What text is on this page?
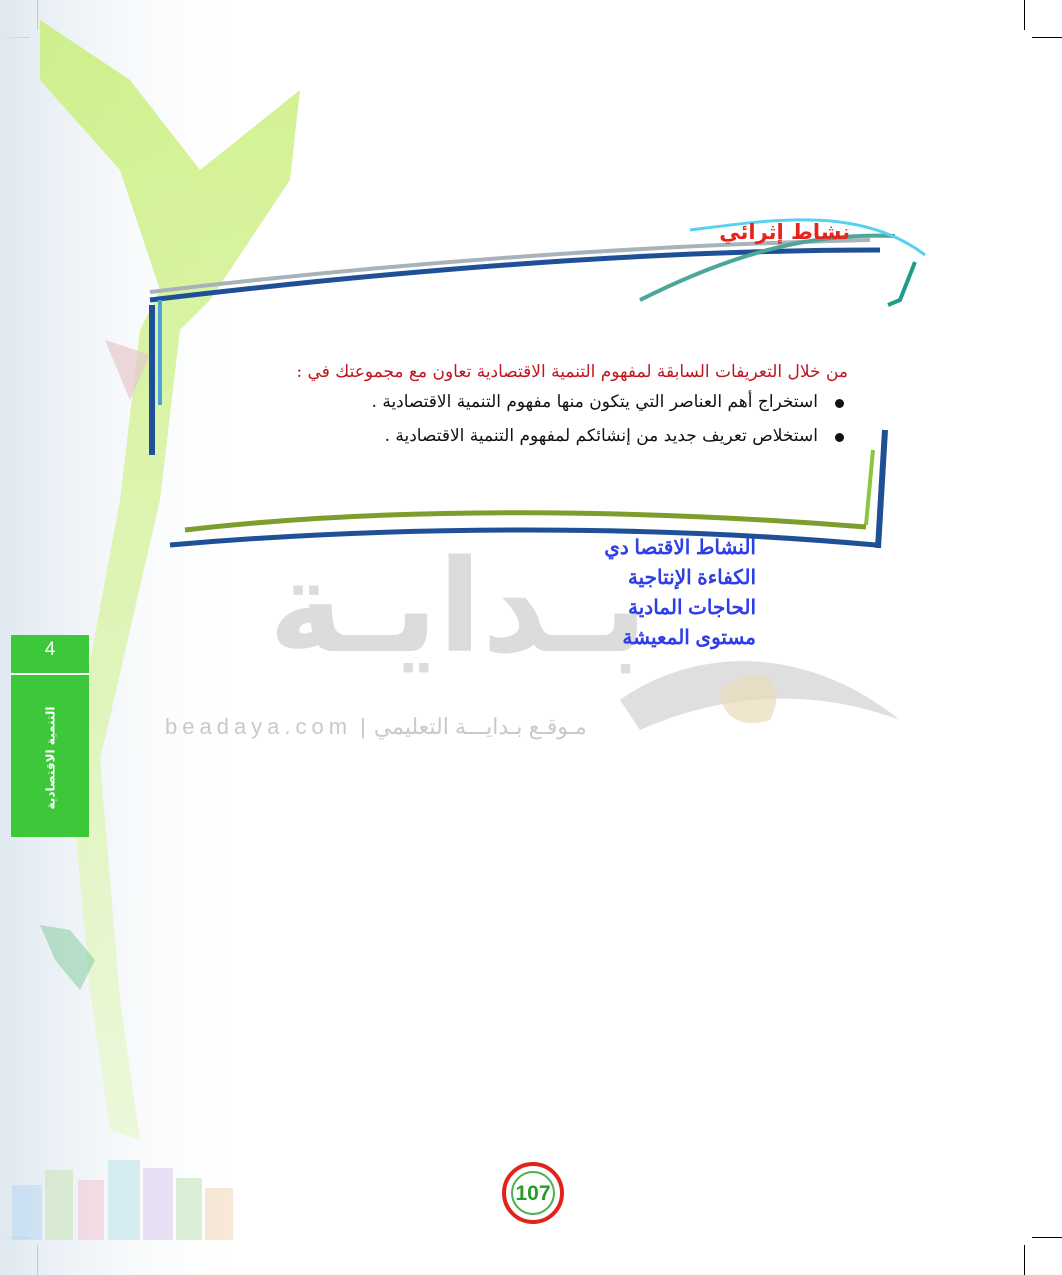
4
التنمية الاقتصادية
نشاط إثرائي

من خلال التعريفات السابقة لمفهوم التنمية الاقتصادية تعاون مع مجموعتك في :

استخراج أهم العناصر التي يتكون منها مفهوم التنمية الاقتصادية .
استخلاص تعريف جديد من إنشائكم لمفهوم التنمية الاقتصادية .
بـدايـة
beadaya.com | مـوقـع بـدايـــة التعليمي
النشاط الاقتصا دي
الكفاءة الإنتاجية
الحاجات المادية
مستوى المعيشة
107
